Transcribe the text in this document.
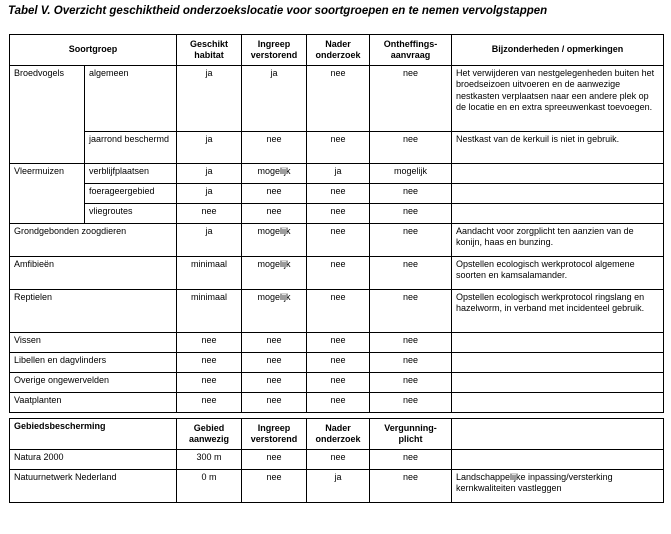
Tabel V. Overzicht geschiktheid onderzoekslocatie voor soortgroepen en te nemen vervolgstappen
Soortgroep		Geschikt habitat	Ingreep verstorend	Nader onderzoek	Ontheffings-aanvraag	Bijzonderheden / opmerkingen
Broedvogels	algemeen	ja	ja	nee	nee	Het verwijderen van nestgelegenheden buiten het broedseizoen uitvoeren en de aanwezige nestkasten verplaatsen naar een andere plek op de locatie en en extra spreeuwenkast toevoegen.
	jaarrond beschermd	ja	nee	nee	nee	Nestkast van de kerkuil is niet in gebruik.
Vleermuizen	verblijfplaatsen	ja	mogelijk	ja	mogelijk	
	foerageergebied	ja	nee	nee	nee	
	vliegroutes	nee	nee	nee	nee	
Grondgebonden zoogdieren		ja	mogelijk	nee	nee	Aandacht voor zorgplicht ten aanzien van de konijn, haas en bunzing.
Amfibieën		minimaal	mogelijk	nee	nee	Opstellen ecologisch werkprotocol algemene soorten en kamsalamander.
Reptielen		minimaal	mogelijk	nee	nee	Opstellen ecologisch werkprotocol ringslang en hazelworm, in verband met incidenteel gebruik.
Vissen		nee	nee	nee	nee	
Libellen en dagvlinders		nee	nee	nee	nee	
Overige ongewervelden		nee	nee	nee	nee	
Vaatplanten		nee	nee	nee	nee	

Gebiedsbescherming		Gebied aanwezig	Ingreep verstorend	Nader onderzoek	Vergunning-plicht	
Natura 2000		300 m	nee	nee	nee	
Natuurnetwerk Nederland		0 m	nee	ja	nee	Landschappelijke inpassing/versterking kernkwaliteiten vastleggen
